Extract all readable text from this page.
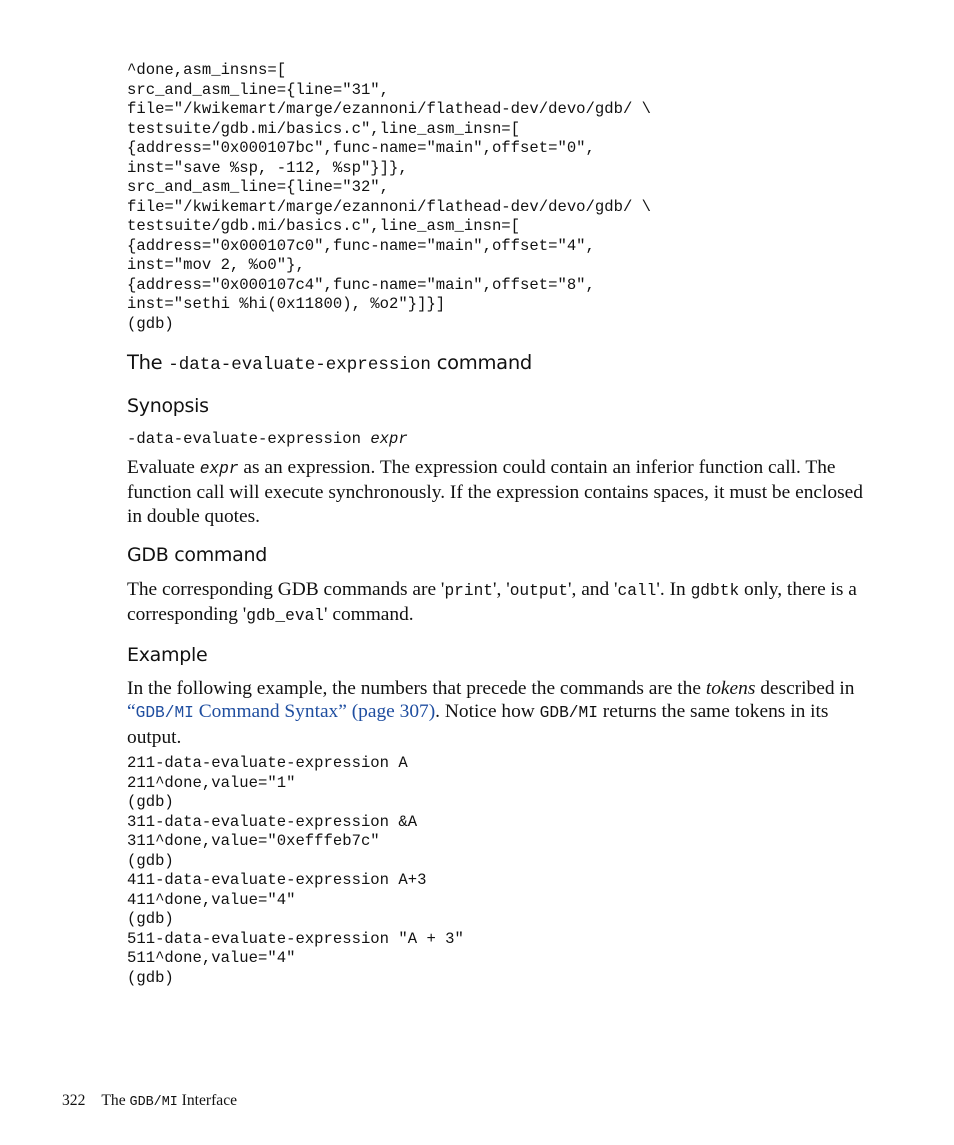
^done,asm_insns=[
src_and_asm_line={line="31",
file="/kwikemart/marge/ezannoni/flathead-dev/devo/gdb/ \
testsuite/gdb.mi/basics.c",line_asm_insn=[
{address="0x000107bc",func-name="main",offset="0",
inst="save %sp, -112, %sp"}]},
src_and_asm_line={line="32",
file="/kwikemart/marge/ezannoni/flathead-dev/devo/gdb/ \
testsuite/gdb.mi/basics.c",line_asm_insn=[
{address="0x000107c0",func-name="main",offset="4",
inst="mov 2, %o0"},
{address="0x000107c4",func-name="main",offset="8",
inst="sethi %hi(0x11800), %o2"}]}]
(gdb)
The -data-evaluate-expression command
Synopsis
-data-evaluate-expression expr

Evaluate expr as an expression. The expression could contain an inferior function call. The function call will execute synchronously. If the expression contains spaces, it must be enclosed in double quotes.

GDB command

The corresponding GDB commands are 'print', 'output', and 'call'. In gdbtk only, there is a corresponding 'gdb_eval' command.

Example

In the following example, the numbers that precede the commands are the tokens described in “GDB/MI Command Syntax” (page 307). Notice how GDB/MI returns the same tokens in its output.

211-data-evaluate-expression A
211^done,value="1"
(gdb)
311-data-evaluate-expression &A
311^done,value="0xefffeb7c"
(gdb)
411-data-evaluate-expression A+3
411^done,value="4"
(gdb)
511-data-evaluate-expression "A + 3"
511^done,value="4"
(gdb)

322 The GDB/MI Interface
